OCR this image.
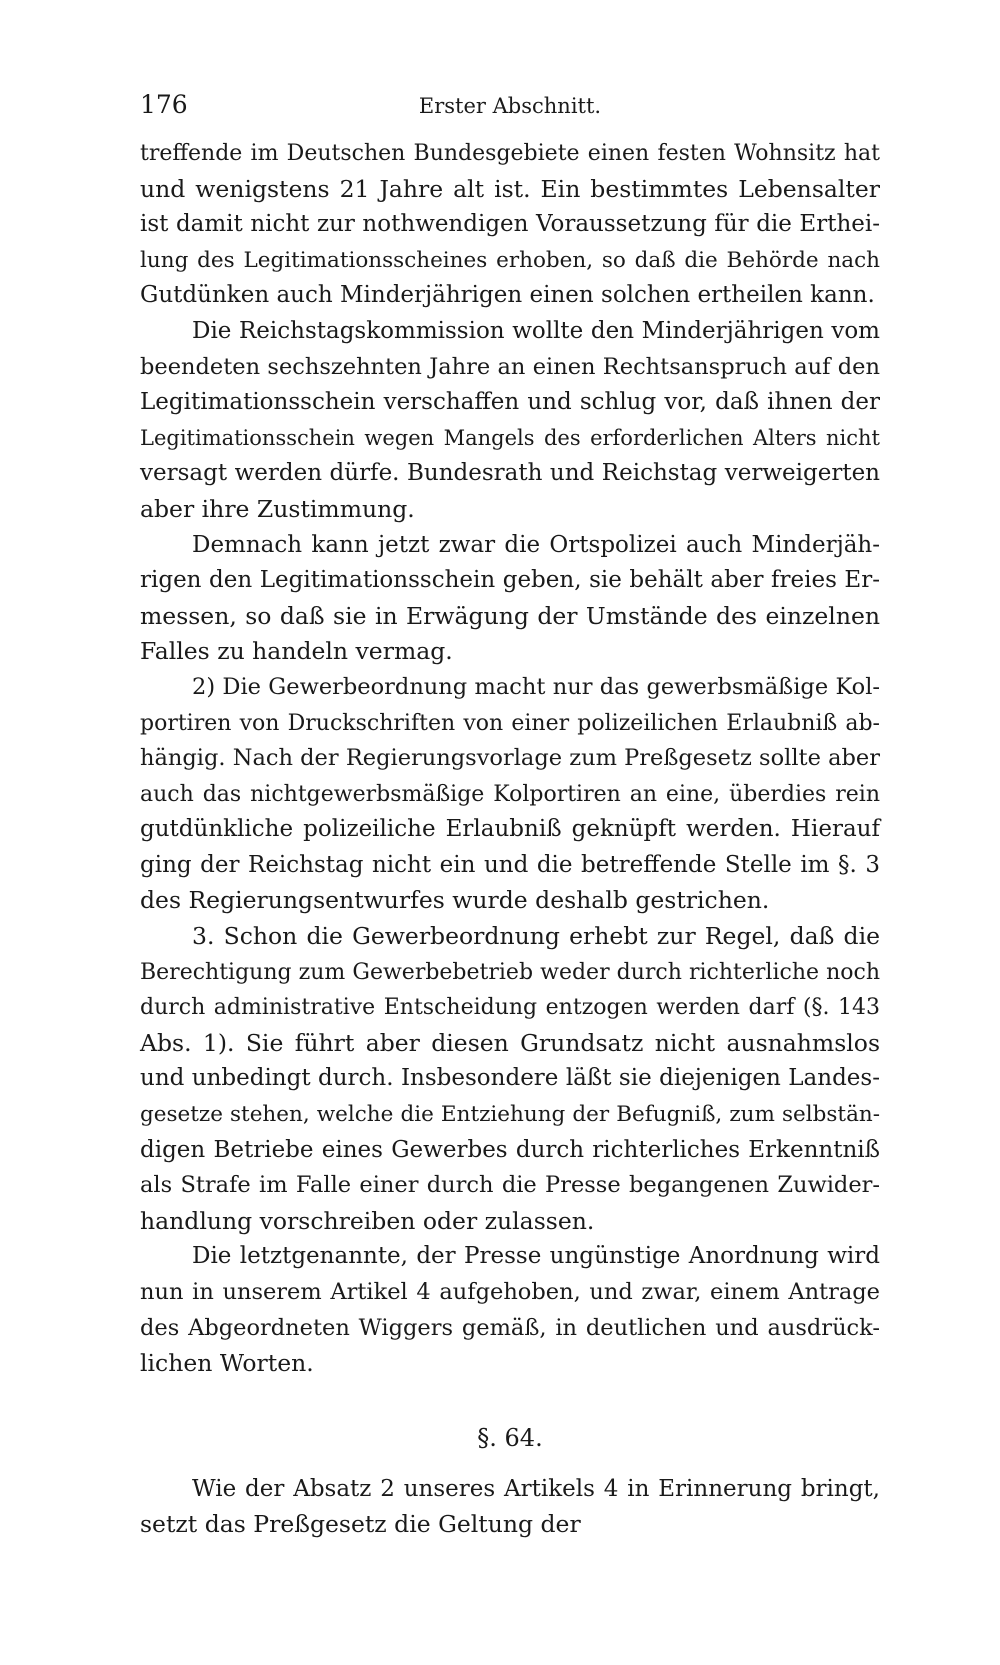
176	Erster Abschnitt.
treffende im Deutschen Bundesgebiete einen festen Wohnsitz hat
und wenigstens 21 Jahre alt ist. Ein bestimmtes Lebensalter
ist damit nicht zur nothwendigen Voraussetzung für die Erthei-
lung des Legitimationsscheines erhoben, so daß die Behörde nach
Gutdünken auch Minderjährigen einen solchen ertheilen kann.
Die Reichstagskommission wollte den Minderjährigen vom
beendeten sechszehnten Jahre an einen Rechtsanspruch auf den
Legitimationsschein verschaffen und schlug vor, daß ihnen der
Legitimationsschein wegen Mangels des erforderlichen Alters nicht
versagt werden dürfe. Bundesrath und Reichstag verweigerten
aber ihre Zustimmung.
Demnach kann jetzt zwar die Ortspolizei auch Minderjäh-
rigen den Legitimationsschein geben, sie behält aber freies Er-
messen, so daß sie in Erwägung der Umstände des einzelnen
Falles zu handeln vermag.
2) Die Gewerbeordnung macht nur das gewerbsmäßige Kol-
portiren von Druckschriften von einer polizeilichen Erlaubniß ab-
hängig. Nach der Regierungsvorlage zum Preßgesetz sollte aber
auch das nichtgewerbsmäßige Kolportiren an eine, überdies rein
gutdünkliche polizeiliche Erlaubniß geknüpft werden. Hierauf
ging der Reichstag nicht ein und die betreffende Stelle im §. 3
des Regierungsentwurfes wurde deshalb gestrichen.
3. Schon die Gewerbeordnung erhebt zur Regel, daß die
Berechtigung zum Gewerbebetrieb weder durch richterliche noch
durch administrative Entscheidung entzogen werden darf (§. 143
Abs. 1). Sie führt aber diesen Grundsatz nicht ausnahmslos
und unbedingt durch. Insbesondere läßt sie diejenigen Landes-
gesetze stehen, welche die Entziehung der Befugniß, zum selbstän-
digen Betriebe eines Gewerbes durch richterliches Erkenntniß
als Strafe im Falle einer durch die Presse begangenen Zuwider-
handlung vorschreiben oder zulassen.
Die letztgenannte, der Presse ungünstige Anordnung wird
nun in unserem Artikel 4 aufgehoben, und zwar, einem Antrage
des Abgeordneten Wiggers gemäß, in deutlichen und ausdrück-
lichen Worten.
§. 64.
Wie der Absatz 2 unseres Artikels 4 in Erinnerung bringt,
setzt das Preßgesetz die Geltung der
